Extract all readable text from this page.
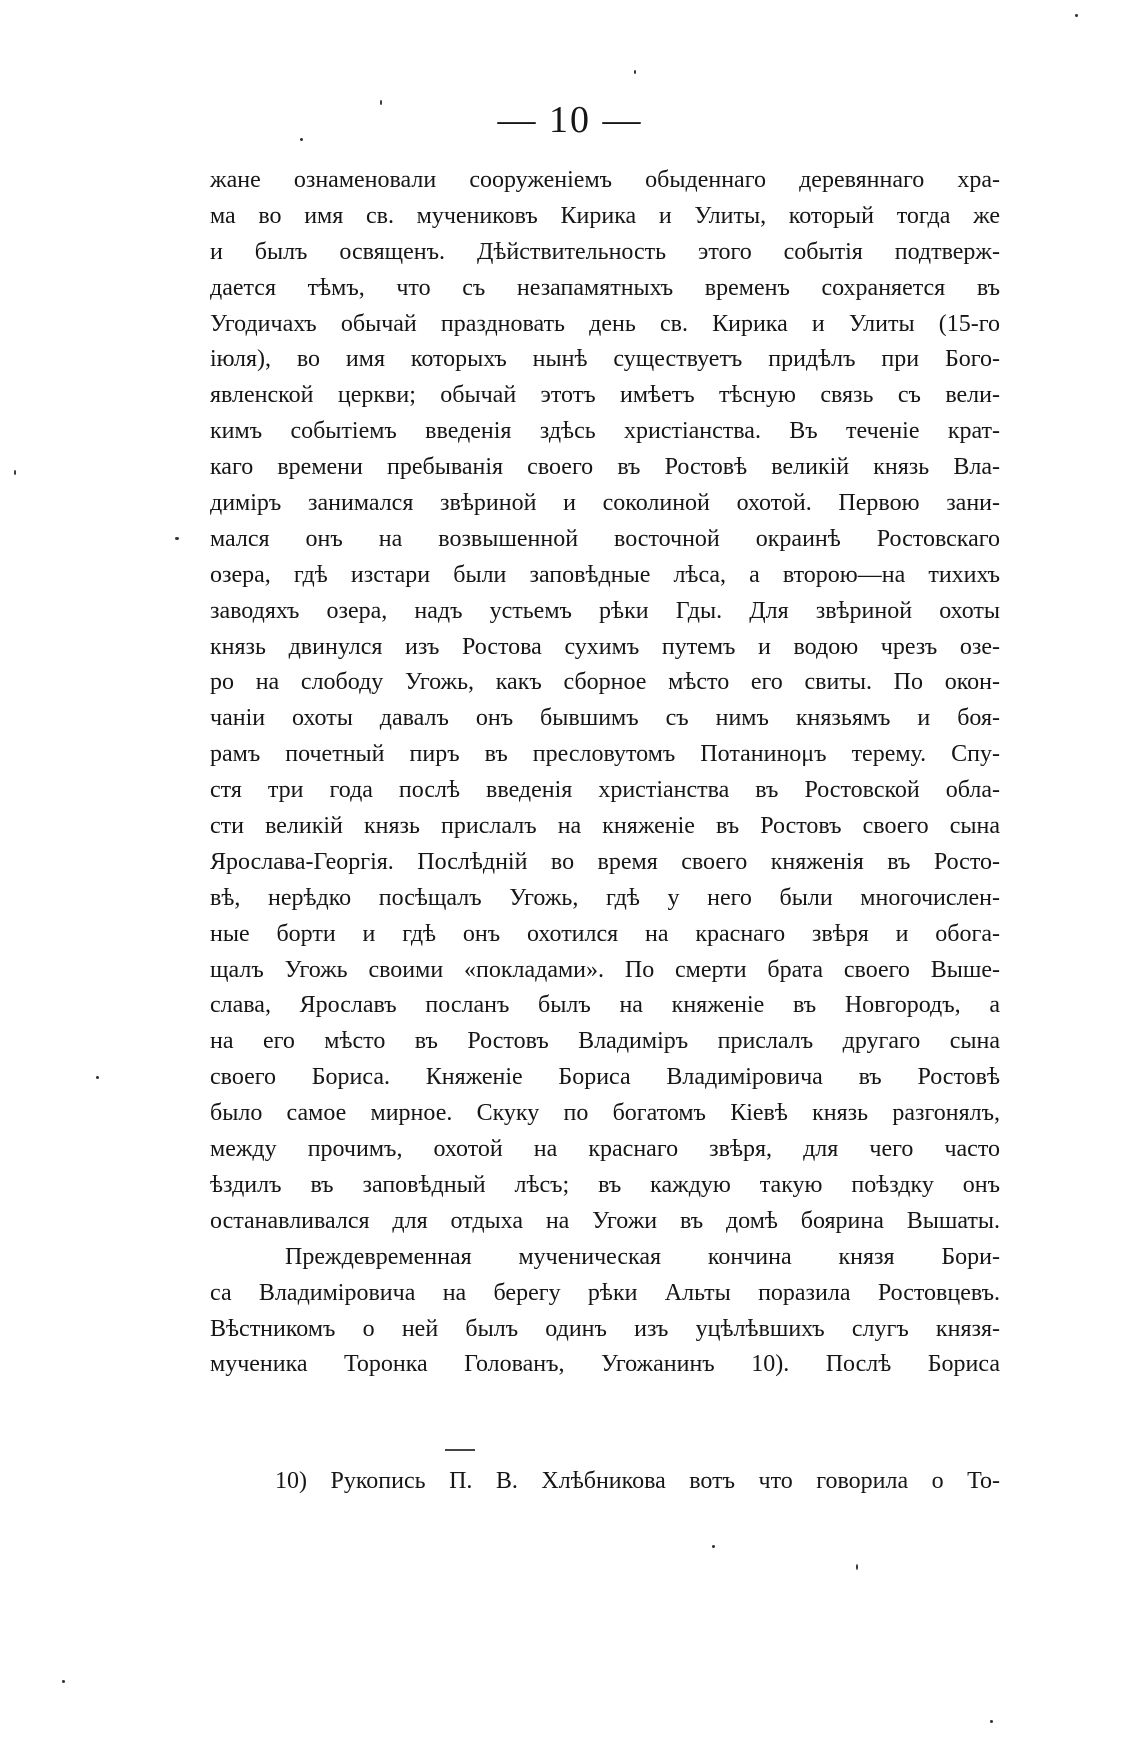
— 10 —
жане ознаменовали сооруженіемъ обыденнаго деревяннаго хра-
ма во имя св. мучениковъ Кирика и Улиты, который тогда же
и былъ освященъ. Дѣйствительность этого событія подтверж-
дается тѣмъ, что съ незапамятныхъ временъ сохраняется въ
Угодичахъ обычай праздновать день св. Кирика и Улиты (15-го
іюля), во имя которыхъ нынѣ существуетъ придѣлъ при Бого-
явленской церкви; обычай этотъ имѣетъ тѣсную связь съ вели-
кимъ событіемъ введенія здѣсь христіанства. Въ теченіе крат-
каго времени пребыванія своего въ Ростовѣ великій князь Вла-
диміръ занимался звѣриной и соколиной охотой. Первою зани-
мался онъ на возвышенной восточной окраинѣ Ростовскаго
озера, гдѣ изстари были заповѣдные лѣса, а второю—на тихихъ
заводяхъ озера, надъ устьемъ рѣки Гды. Для звѣриной охоты
князь двинулся изъ Ростова сухимъ путемъ и водою чрезъ озе-
ро на слободу Угожь, какъ сборное мѣсто его свиты. По окон-
чаніи охоты давалъ онъ бывшимъ съ нимъ князьямъ и боя-
рамъ почетный пиръ въ пресловутомъ Потанинομъ терему. Спу-
стя три года послѣ введенія христіанства въ Ростовской обла-
сти великій князь прислалъ на княженіе въ Ростовъ своего сына
Ярослава-Георгія. Послѣдній во время своего княженія въ Росто-
вѣ, нерѣдко посѣщалъ Угожь, гдѣ у него были многочислен-
ные борти и гдѣ онъ охотился на краснаго звѣря и обога-
щалъ Угожь своими «покладами». По смерти брата своего Выше-
слава, Ярославъ посланъ былъ на княженіе въ Новгородъ, а
на его мѣсто въ Ростовъ Владиміръ прислалъ другаго сына
своего Бориса. Княженіе Бориса Владиміровича въ Ростовѣ
было самое мирное. Скуку по богатомъ Кіевѣ князь разгонялъ,
между прочимъ, охотой на краснаго звѣря, для чего часто
ѣздилъ въ заповѣдный лѣсъ; въ каждую такую поѣздку онъ
останавливался для отдыха на Угожи въ домѣ боярина Вышаты.
Преждевременная мученическая кончина князя Бори-
са Владиміровича на берегу рѣки Альты поразила Ростовцевъ.
Вѣстникомъ о ней былъ одинъ изъ уцѣлѣвшихъ слугъ князя-
мученика Торонка Голованъ, Угожанинъ 10). Послѣ Бориса
10) Рукопись П. В. Хлѣбникова вотъ что говорила о То-
